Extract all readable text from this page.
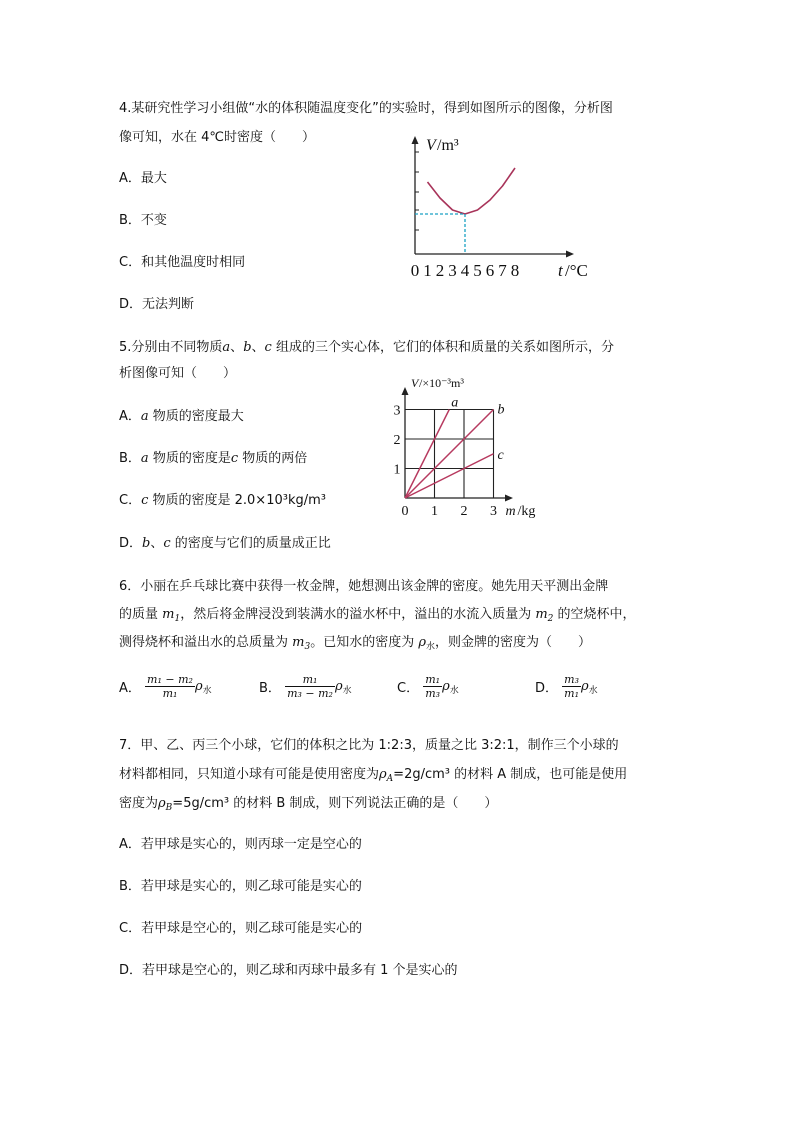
4.某研究性学习小组做“水的体积随温度变化”的实验时，得到如图所示的图像，分析图
像可知，水在 4℃时密度（　　）
A．最大
B．不变
C．和其他温度时相同
D．无法判断
0 1 2 3 4 5 6 7 8 t /°C
V /m³
5.分别由不同物质a、b、c 组成的三个实心体，它们的体积和质量的关系如图所示，分
析图像可知（　　）
A．a 物质的密度最大
B．a 物质的密度是c 物质的两倍
C．c 物质的密度是 2.0×10³kg/m³
D．b、c 的密度与它们的质量成正比
0 1 2 3
1
2
3
m /kg
V /×10⁻³m³
a	b
c
6．小丽在乒乓球比赛中获得一枚金牌，她想测出该金牌的密度。她先用天平测出金牌
的质量 $m_1$，然后将金牌浸没到装满水的溢水杯中，溢出的水流入质量为 $m_2$ 的空烧杯中，
测得烧杯和溢出水的总质量为 $m_3$。已知水的密度为 $\rho_水$，则金牌的密度为（　　）
A． $\frac{\text{m₁ − m₂}}{\text{m₁}} \rho_水$	B． $\frac{\text{m₁}}{\text{m₃ − m₂}} \rho_水$	C． $\frac{\text{m₁}}{\text{m₃}} \rho_水$	D． $\frac{\text{m₃}}{\text{m₁}} \rho_水$
7．甲、乙、丙三个小球，它们的体积之比为 1:2:3，质量之比 3:2:1，制作三个小球的
材料都相同，只知道小球有可能是使用密度为$\rho_A=2g$/cm³ 的材料 A 制成，也可能是使用
密度为$\rho_B=5g$/cm³ 的材料 B 制成，则下列说法正确的是（　　）
A．若甲球是实心的，则丙球一定是空心的
B．若甲球是实心的，则乙球可能是实心的
C．若甲球是空心的，则乙球可能是实心的
D．若甲球是空心的，则乙球和丙球中最多有 1 个是实心的
